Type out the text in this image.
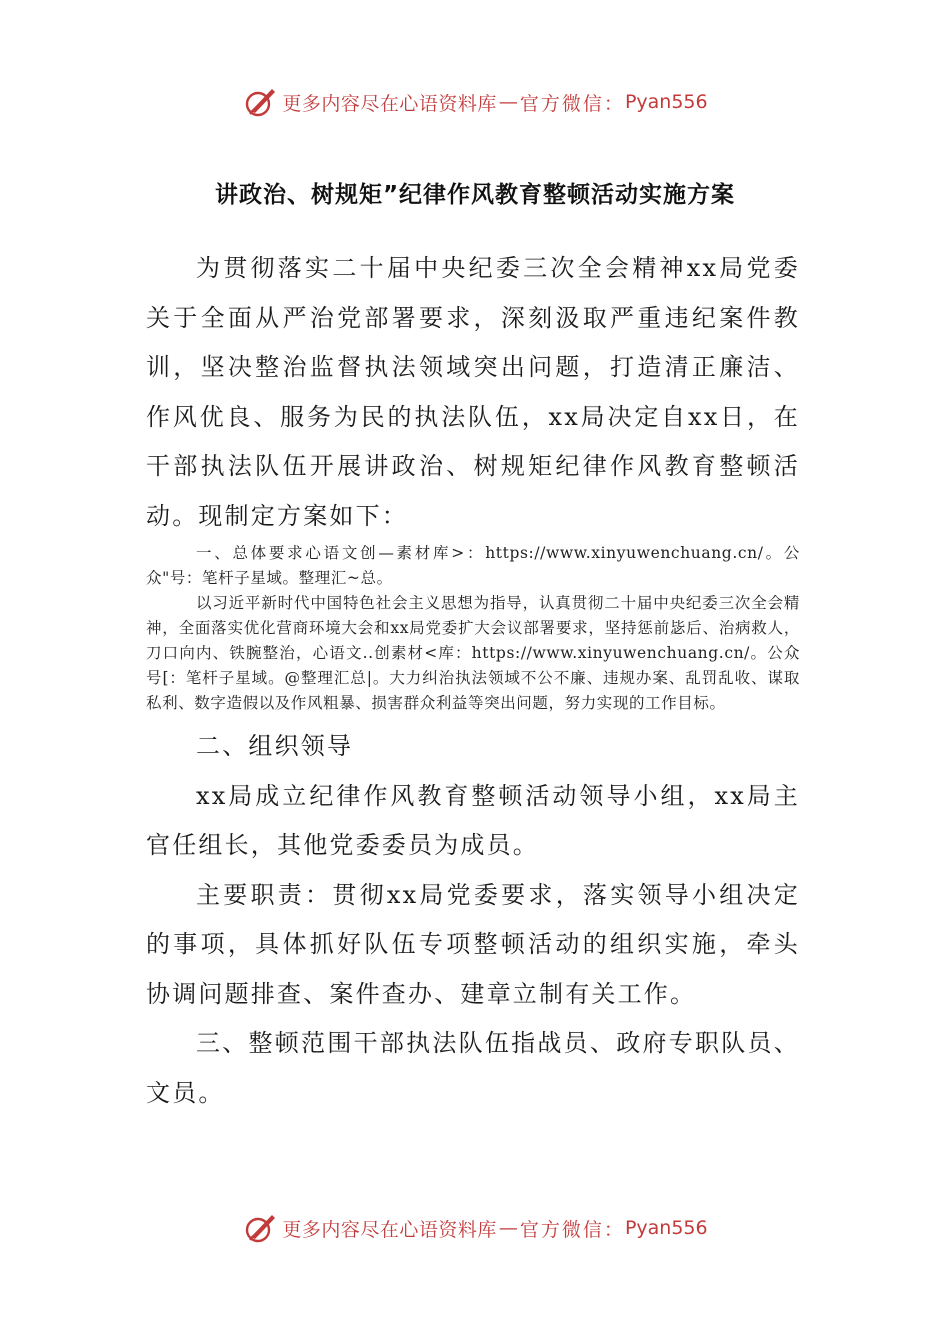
更多内容尽在心语资料库 — 官方微信： Pyan556
讲政治、树规矩”纪律作风教育整顿活动实施方案

为贯彻落实二十届中央纪委三次全会精神xx局党委关于全面从严治党部署要求，深刻汲取严重违纪案件教训，坚决整治监督执法领域突出问题，打造清正廉洁、作风优良、服务为民的执法队伍，xx局决定自xx日，在干部执法队伍开展讲政治、树规矩纪律作风教育整顿活动。现制定方案如下：

一、总体要求心语文创—素材库>：https://www.xinyuwenchuang.cn/。公众"号：笔杆子星域。整理汇~总。

以习近平新时代中国特色社会主义思想为指导，认真贯彻二十届中央纪委三次全会精神，全面落实优化营商环境大会和xx局党委扩大会议部署要求，坚持惩前毖后、治病救人，刀口向内、铁腕整治，心语文..创素材<库：https://www.xinyuwenchuang.cn/。公众号[：笔杆子星域。@整理汇总|。大力纠治执法领域不公不廉、违规办案、乱罚乱收、谋取私利、数字造假以及作风粗暴、损害群众利益等突出问题，努力实现的工作目标。

二、组织领导

xx局成立纪律作风教育整顿活动领导小组，xx局主官任组长，其他党委委员为成员。

主要职责：贯彻xx局党委要求，落实领导小组决定的事项，具体抓好队伍专项整顿活动的组织实施，牵头协调问题排查、案件查办、建章立制有关工作。

三、整顿范围干部执法队伍指战员、政府专职队员、文员。

更多内容尽在心语资料库 — 官方微信： Pyan556
